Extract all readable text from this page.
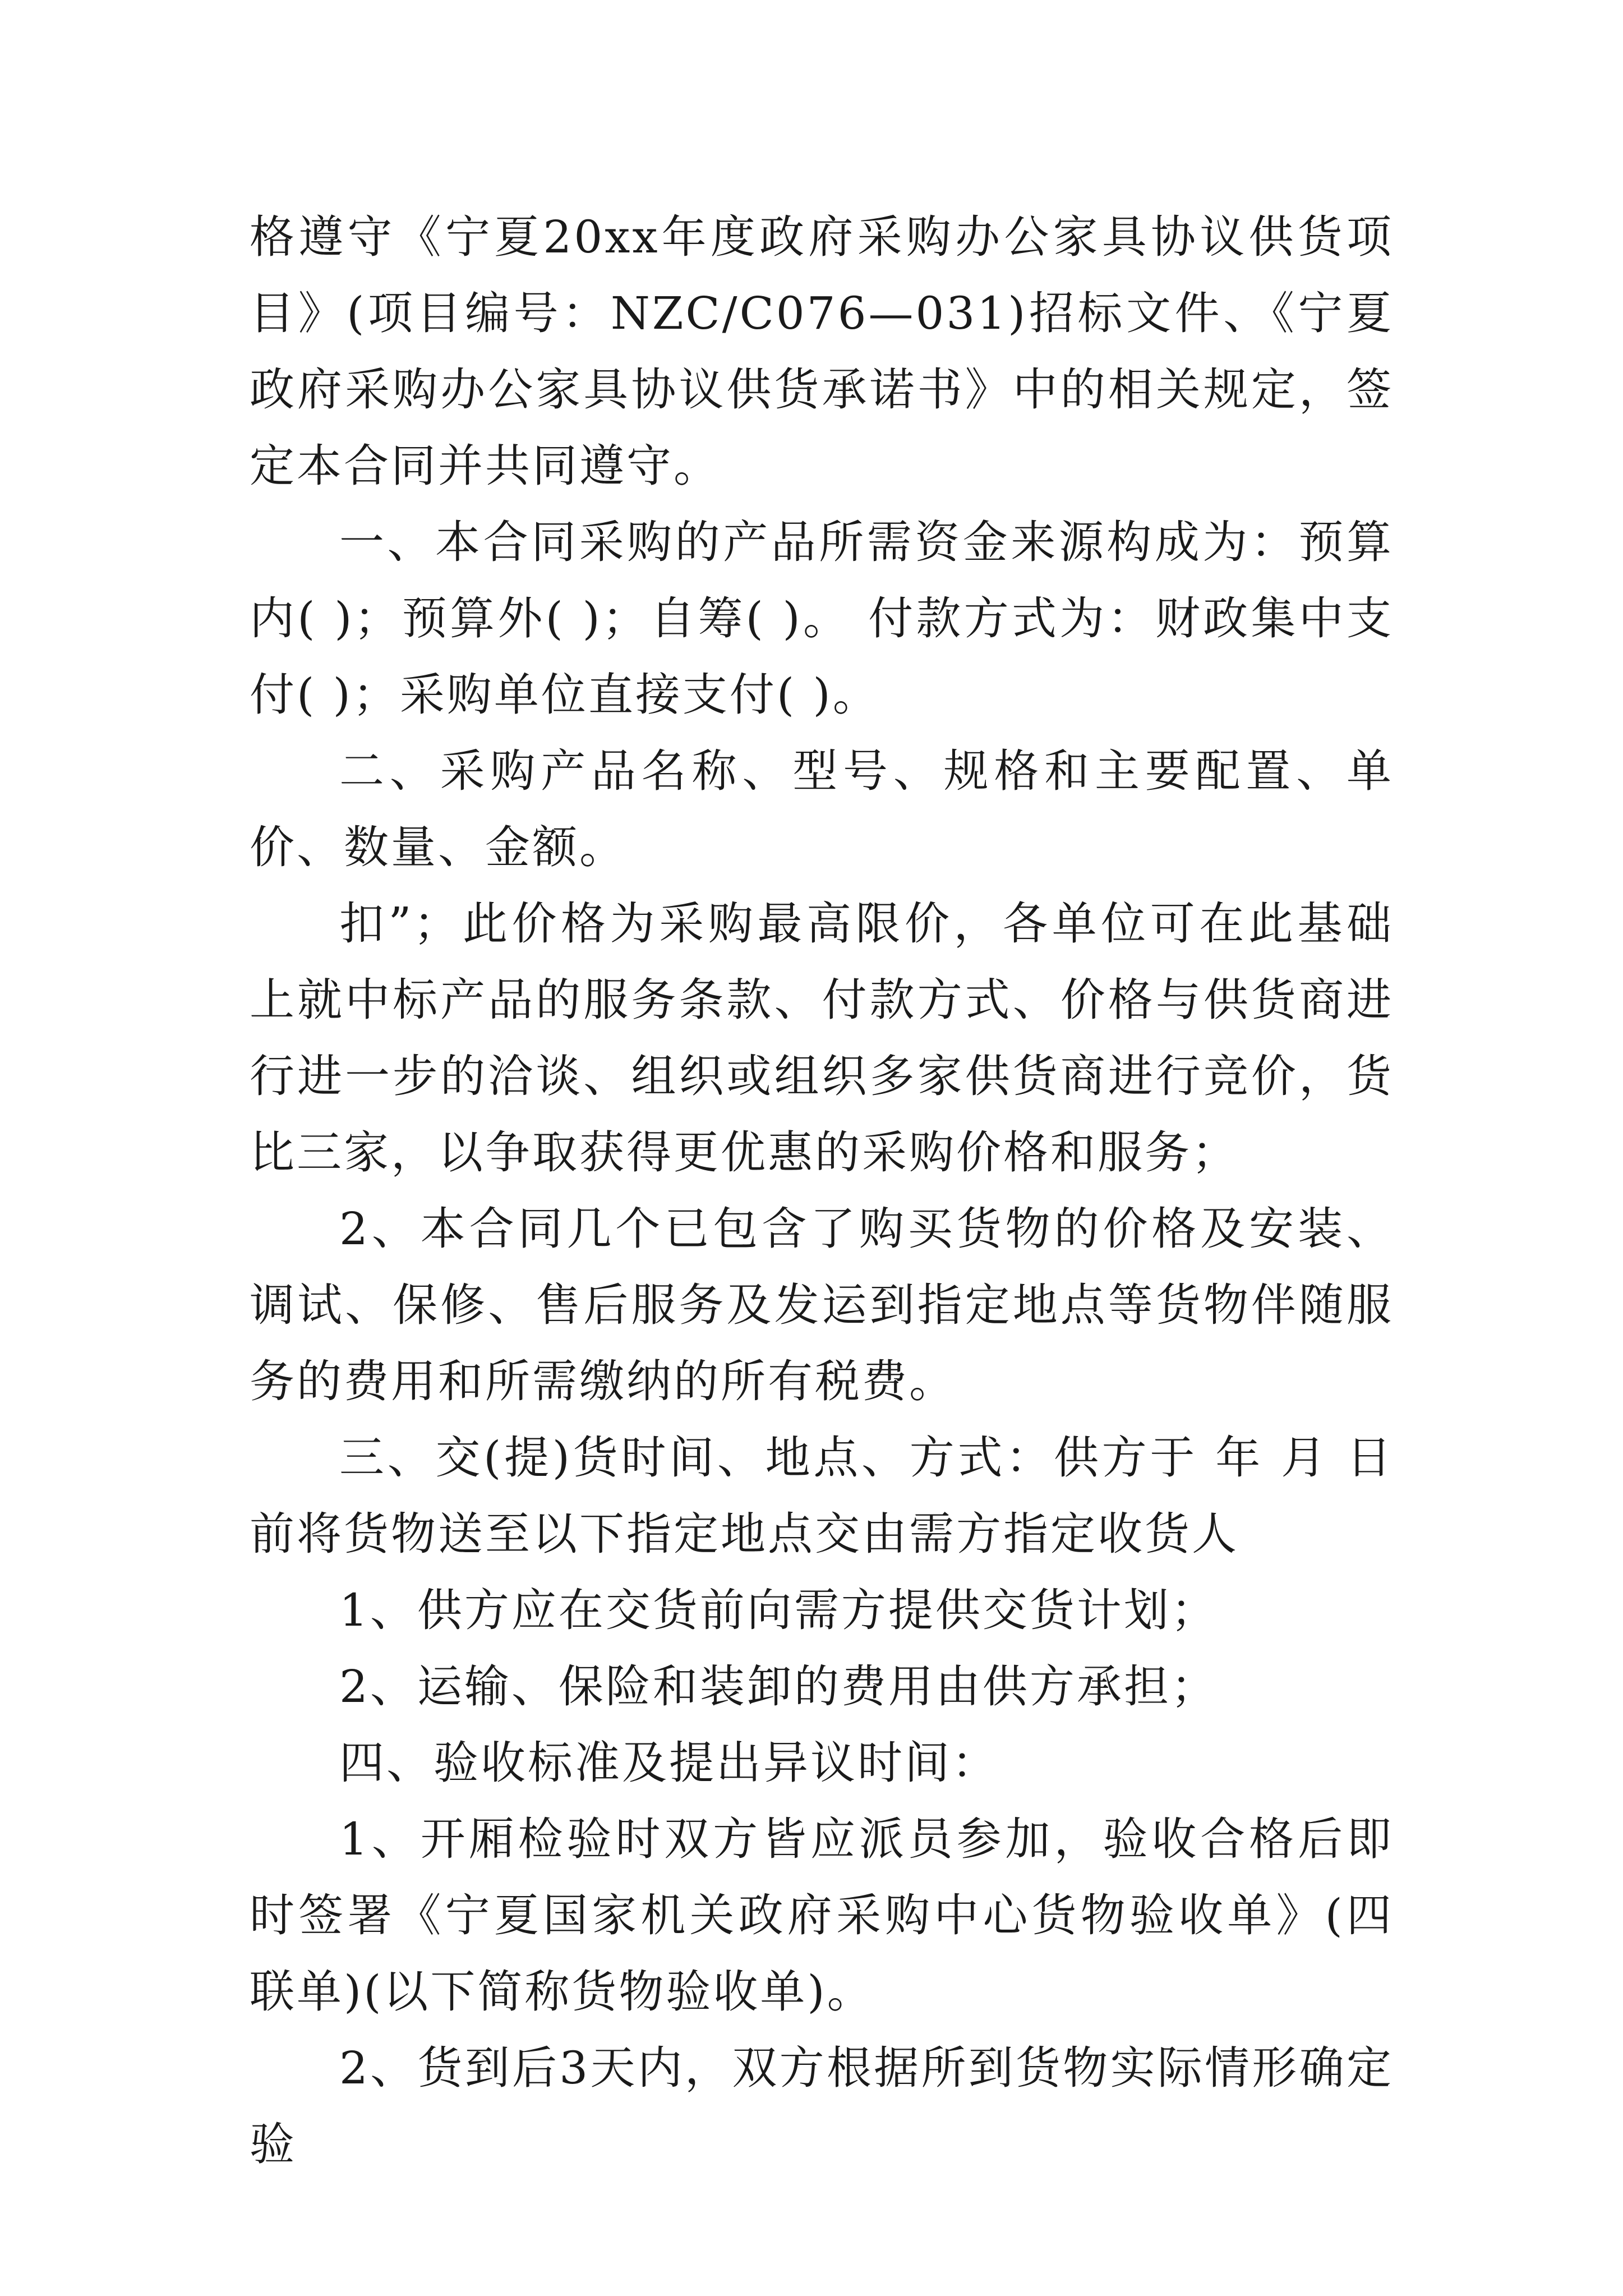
格遵守《宁夏20xx年度政府采购办公家具协议供货项目》(项目编号：NZC/C076—031)招标文件、《宁夏政府采购办公家具协议供货承诺书》中的相关规定，签定本合同并共同遵守。

一、本合同采购的产品所需资金来源构成为：预算内( )；预算外( )；自筹( )。 付款方式为：财政集中支付( )；采购单位直接支付( )。

二、采购产品名称、型号、规格和主要配置、单价、数量、金额。

扣”；此价格为采购最高限价，各单位可在此基础上就中标产品的服务条款、付款方式、价格与供货商进行进一步的洽谈、组织或组织多家供货商进行竞价，货比三家，以争取获得更优惠的采购价格和服务；

2、本合同几个已包含了购买货物的价格及安装、调试、保修、售后服务及发运到指定地点等货物伴随服务的费用和所需缴纳的所有税费。

三、交(提)货时间、地点、方式：供方于 年 月 日前将货物送至以下指定地点交由需方指定收货人

1、供方应在交货前向需方提供交货计划；

2、运输、保险和装卸的费用由供方承担；

四、验收标准及提出异议时间：

1、开厢检验时双方皆应派员参加，验收合格后即时签署《宁夏国家机关政府采购中心货物验收单》(四联单)(以下简称货物验收单)。

2、货到后3天内，双方根据所到货物实际情形确定验
